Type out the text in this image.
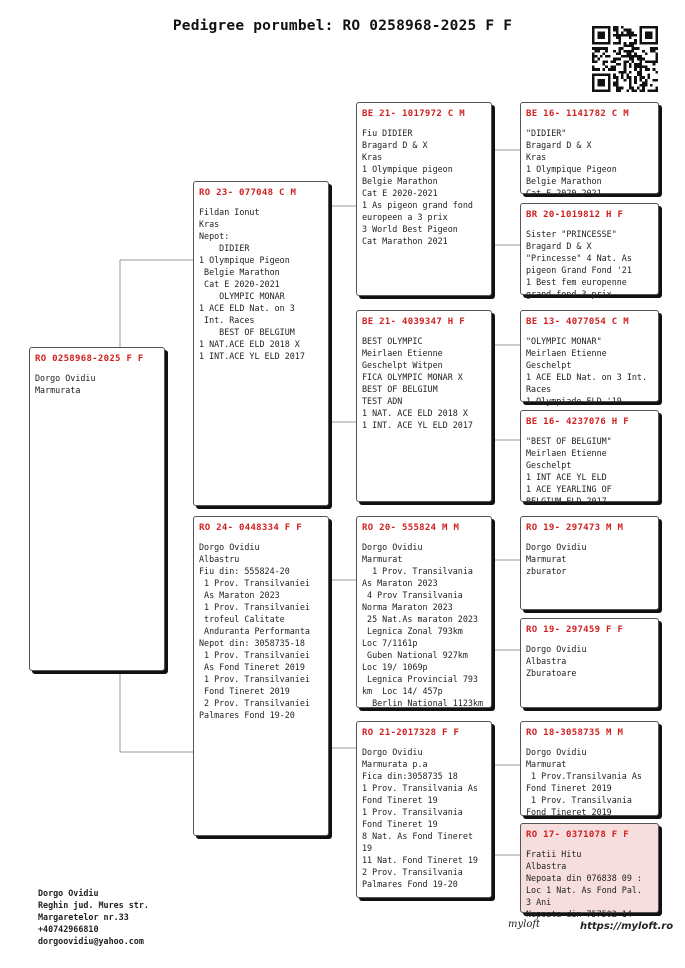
Pedigree porumbel: RO 0258968-2025 F F
RO 0258968-2025 F F
Dorgo Ovidiu
Marmurata
RO 23- 077048 C M
Fildan Ionut
Kras
Nepot:
DIDIER
1 Olympique Pigeon
Belgie Marathon
Cat E 2020-2021
OLYMPIC MONAR
1 ACE ELD Nat. on 3
Int. Races
BEST OF BELGIUM
1 NAT.ACE ELD 2018 X
1 INT.ACE YL ELD 2017
RO 24- 0448334 F F
Dorgo Ovidiu
Albastru
Fiu din: 555824-20
1 Prov. Transilvaniei
As Maraton 2023
1 Prov. Transilvaniei
trofeul Calitate
Anduranta Performanta
Nepot din: 3058735-18
1 Prov. Transilvaniei
As Fond Tineret 2019
1 Prov. Transilvaniei
Fond Tineret 2019
2 Prov. Transilvaniei
Palmares Fond 19-20
BE 21- 1017972 C M
Fiu DIDIER
Bragard D & X
Kras
1 Olympique pigeon
Belgie Marathon
Cat E 2020-2021
1 As pigeon grand fond
europeen a 3 prix
3 World Best Pigeon
Cat Marathon 2021
BE 21- 4039347 H F
BEST OLYMPIC
Meirlaen Etienne
Geschelpt Witpen
FICA OLYMPIC MONAR X
BEST OF BELGIUM
TEST ADN
1 NAT. ACE ELD 2018 X
1 INT. ACE YL ELD 2017
RO 20- 555824 M M
Dorgo Ovidiu
Marmurat
1 Prov. Transilvania
As Maraton 2023
4 Prov Transilvania
Norma Maraton 2023
25 Nat.As maraton 2023
Legnica Zonal 793km
Loc 7/1161p
Guben National 927km
Loc 19/ 1069p
Legnica Provincial 793
km  Loc 14/ 457p
Berlin National 1123km
RO 21-2017328 F F
Dorgo Ovidiu
Marmurata p.a
Fica din:3058735 18
1 Prov. Transilvania As
Fond Tineret 19
1 Prov. Transilvania
Fond Tineret 19
8 Nat. As Fond Tineret
19
11 Nat. Fond Tineret 19
2 Prov. Transilvania
Palmares Fond 19-20
BE 16- 1141782 C M
"DIDIER"
Bragard D & X
Kras
1 Olympique Pigeon
Belgie Marathon
Cat E 2020-2021
BR 20-1019812 H F
Sister "PRINCESSE"
Bragard D & X
"Princesse" 4 Nat. As
pigeon Grand Fond '21
1 Best fem europenne
grand fond 3 prix
BE 13- 4077054 C M
"OLYMPIC MONAR"
Meirlaen Etienne
Geschelpt
1 ACE ELD Nat. on 3 Int.
Races
1 Olympiade ELD '19
BE 16- 4237076 H F
"BEST OF BELGIUM"
Meirlaen Etienne
Geschelpt
1 INT ACE YL ELD
1 ACE YEARLING OF
BELGIUM ELD 2017
RO 19- 297473 M M
Dorgo Ovidiu
Marmurat
zburator
RO 19- 297459 F F
Dorgo Ovidiu
Albastra
Zburatoare
RO 18-3058735 M M
Dorgo Ovidiu
Marmurat
1 Prov.Transilvania As
Fond Tineret 2019
1 Prov. Transilvania
Fond Tineret 2019
RO 17- 0371078 F F
Fratii Hitu
Albastra
Nepoata din 076838 09 :
Loc 1 Nat. As Fond Pal.
3 Ani
Nepoata din 757502 14
Dorgo Ovidiu
Reghin jud. Mures str.
Margaretelor nr.33
+40742966810
dorgoovidiu@yahoo.com
myloft	https://myloft.ro
